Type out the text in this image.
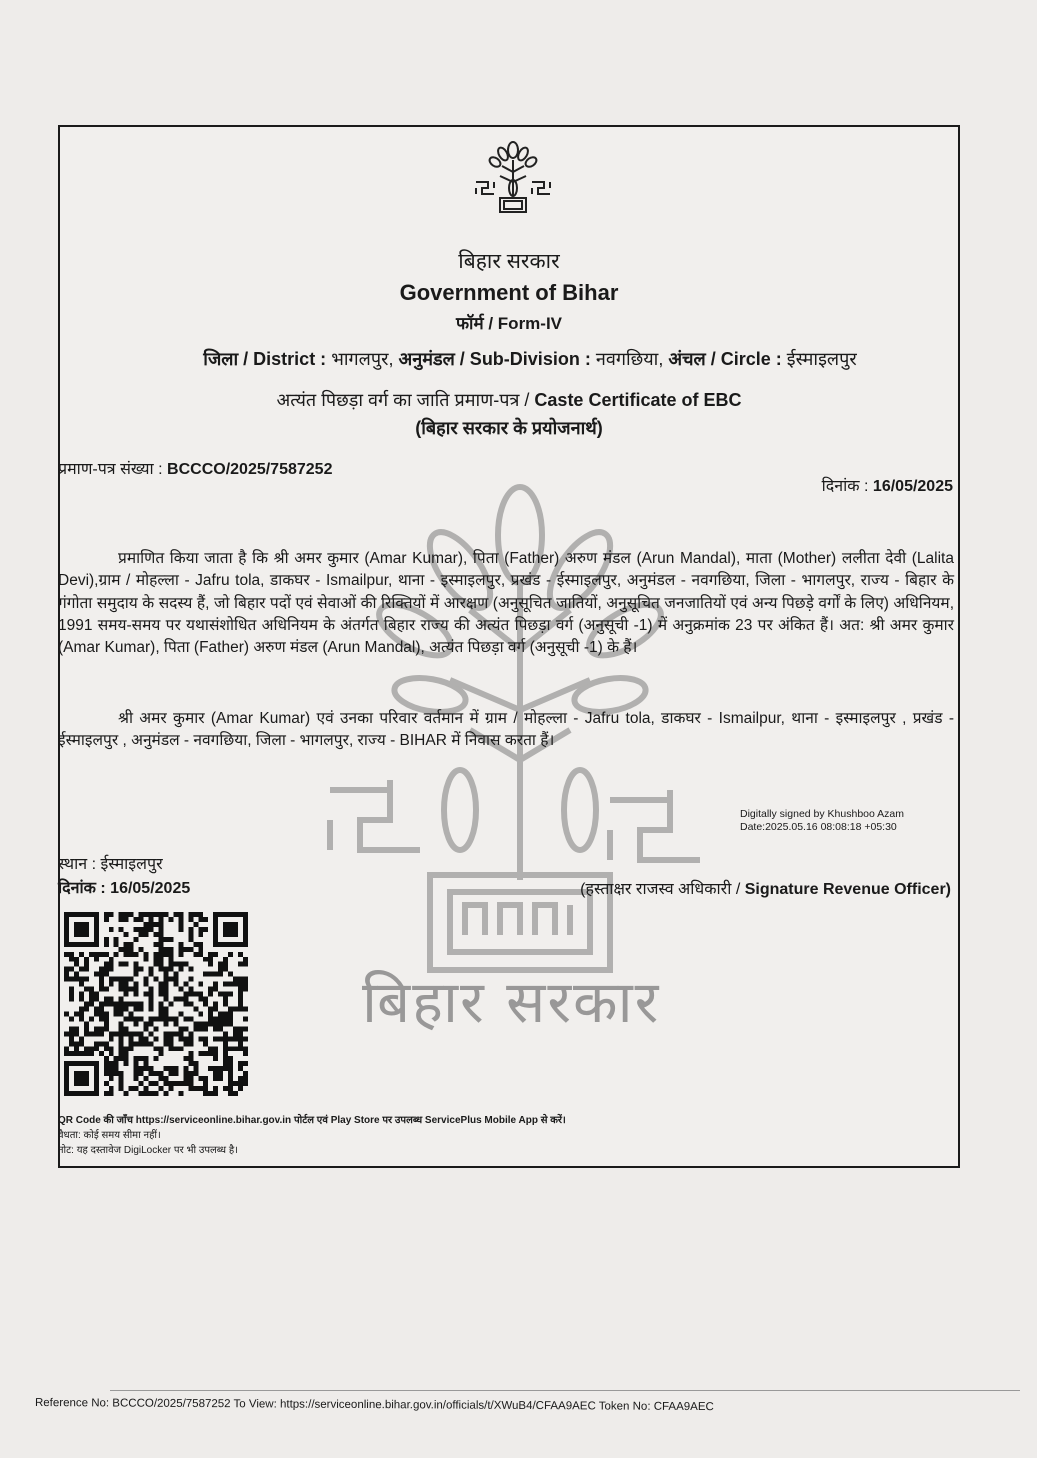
बिहार सरकार
बिहार सरकार
Government of Bihar
फॉर्म / Form-IV
जिला / District : भागलपुर, अनुमंडल / Sub-Division : नवगछिया, अंचल / Circle : ईस्माइलपुर
अत्यंत पिछड़ा वर्ग का जाति प्रमाण-पत्र / Caste Certificate of EBC
(बिहार सरकार के प्रयोजनार्थ)
प्रमाण-पत्र संख्या : BCCCO/2025/7587252
दिनांक : 16/05/2025
प्रमाणित किया जाता है कि श्री अमर कुमार (Amar Kumar), पिता (Father) अरुण मंडल (Arun Mandal), माता (Mother) ललीता देवी (Lalita Devi),ग्राम / मोहल्ला - Jafru tola, डाकघर - Ismailpur, थाना - इस्माइलपुर, प्रखंड - ईस्माइलपुर, अनुमंडल - नवगछिया, जिला - भागलपुर, राज्य - बिहार के गंगोता समुदाय के सदस्य हैं, जो बिहार पदों एवं सेवाओं की रिक्तियों में आरक्षण (अनुसूचित जातियों, अनुसूचित जनजातियों एवं अन्य पिछड़े वर्गों के लिए) अधिनियम, 1991 समय-समय पर यथासंशोधित अधिनियम के अंतर्गत बिहार राज्य की अत्यंत पिछड़ा वर्ग (अनुसूची -1) में अनुक्रमांक 23 पर अंकित हैं। अत: श्री अमर कुमार (Amar Kumar), पिता (Father) अरुण मंडल (Arun Mandal), अत्यंत पिछड़ा वर्ग (अनुसूची -1) के हैं।
श्री अमर कुमार (Amar Kumar) एवं उनका परिवार वर्तमान में ग्राम / मोहल्ला - Jafru tola, डाकघर - Ismailpur, थाना - इस्माइलपुर , प्रखंड - ईस्माइलपुर , अनुमंडल - नवगछिया, जिला - भागलपुर, राज्य - BIHAR में निवास करता हैं।
Digitally signed by Khushboo Azam
Date:2025.05.16 08:08:18 +05:30
स्थान : ईस्माइलपुर
दिनांक : 16/05/2025	(हस्ताक्षर राजस्व अधिकारी / Signature Revenue Officer)
QR Code की जाँच https://serviceonline.bihar.gov.in पोर्टल एवं Play Store पर उपलब्ध ServicePlus Mobile App से करें।
वैधता: कोई समय सीमा नहीं।
नोट: यह दस्तावेज DigiLocker पर भी उपलब्ध है।
Reference No: BCCCO/2025/7587252 To View: https://serviceonline.bihar.gov.in/officials/t/XWuB4/CFAA9AEC Token No: CFAA9AEC
